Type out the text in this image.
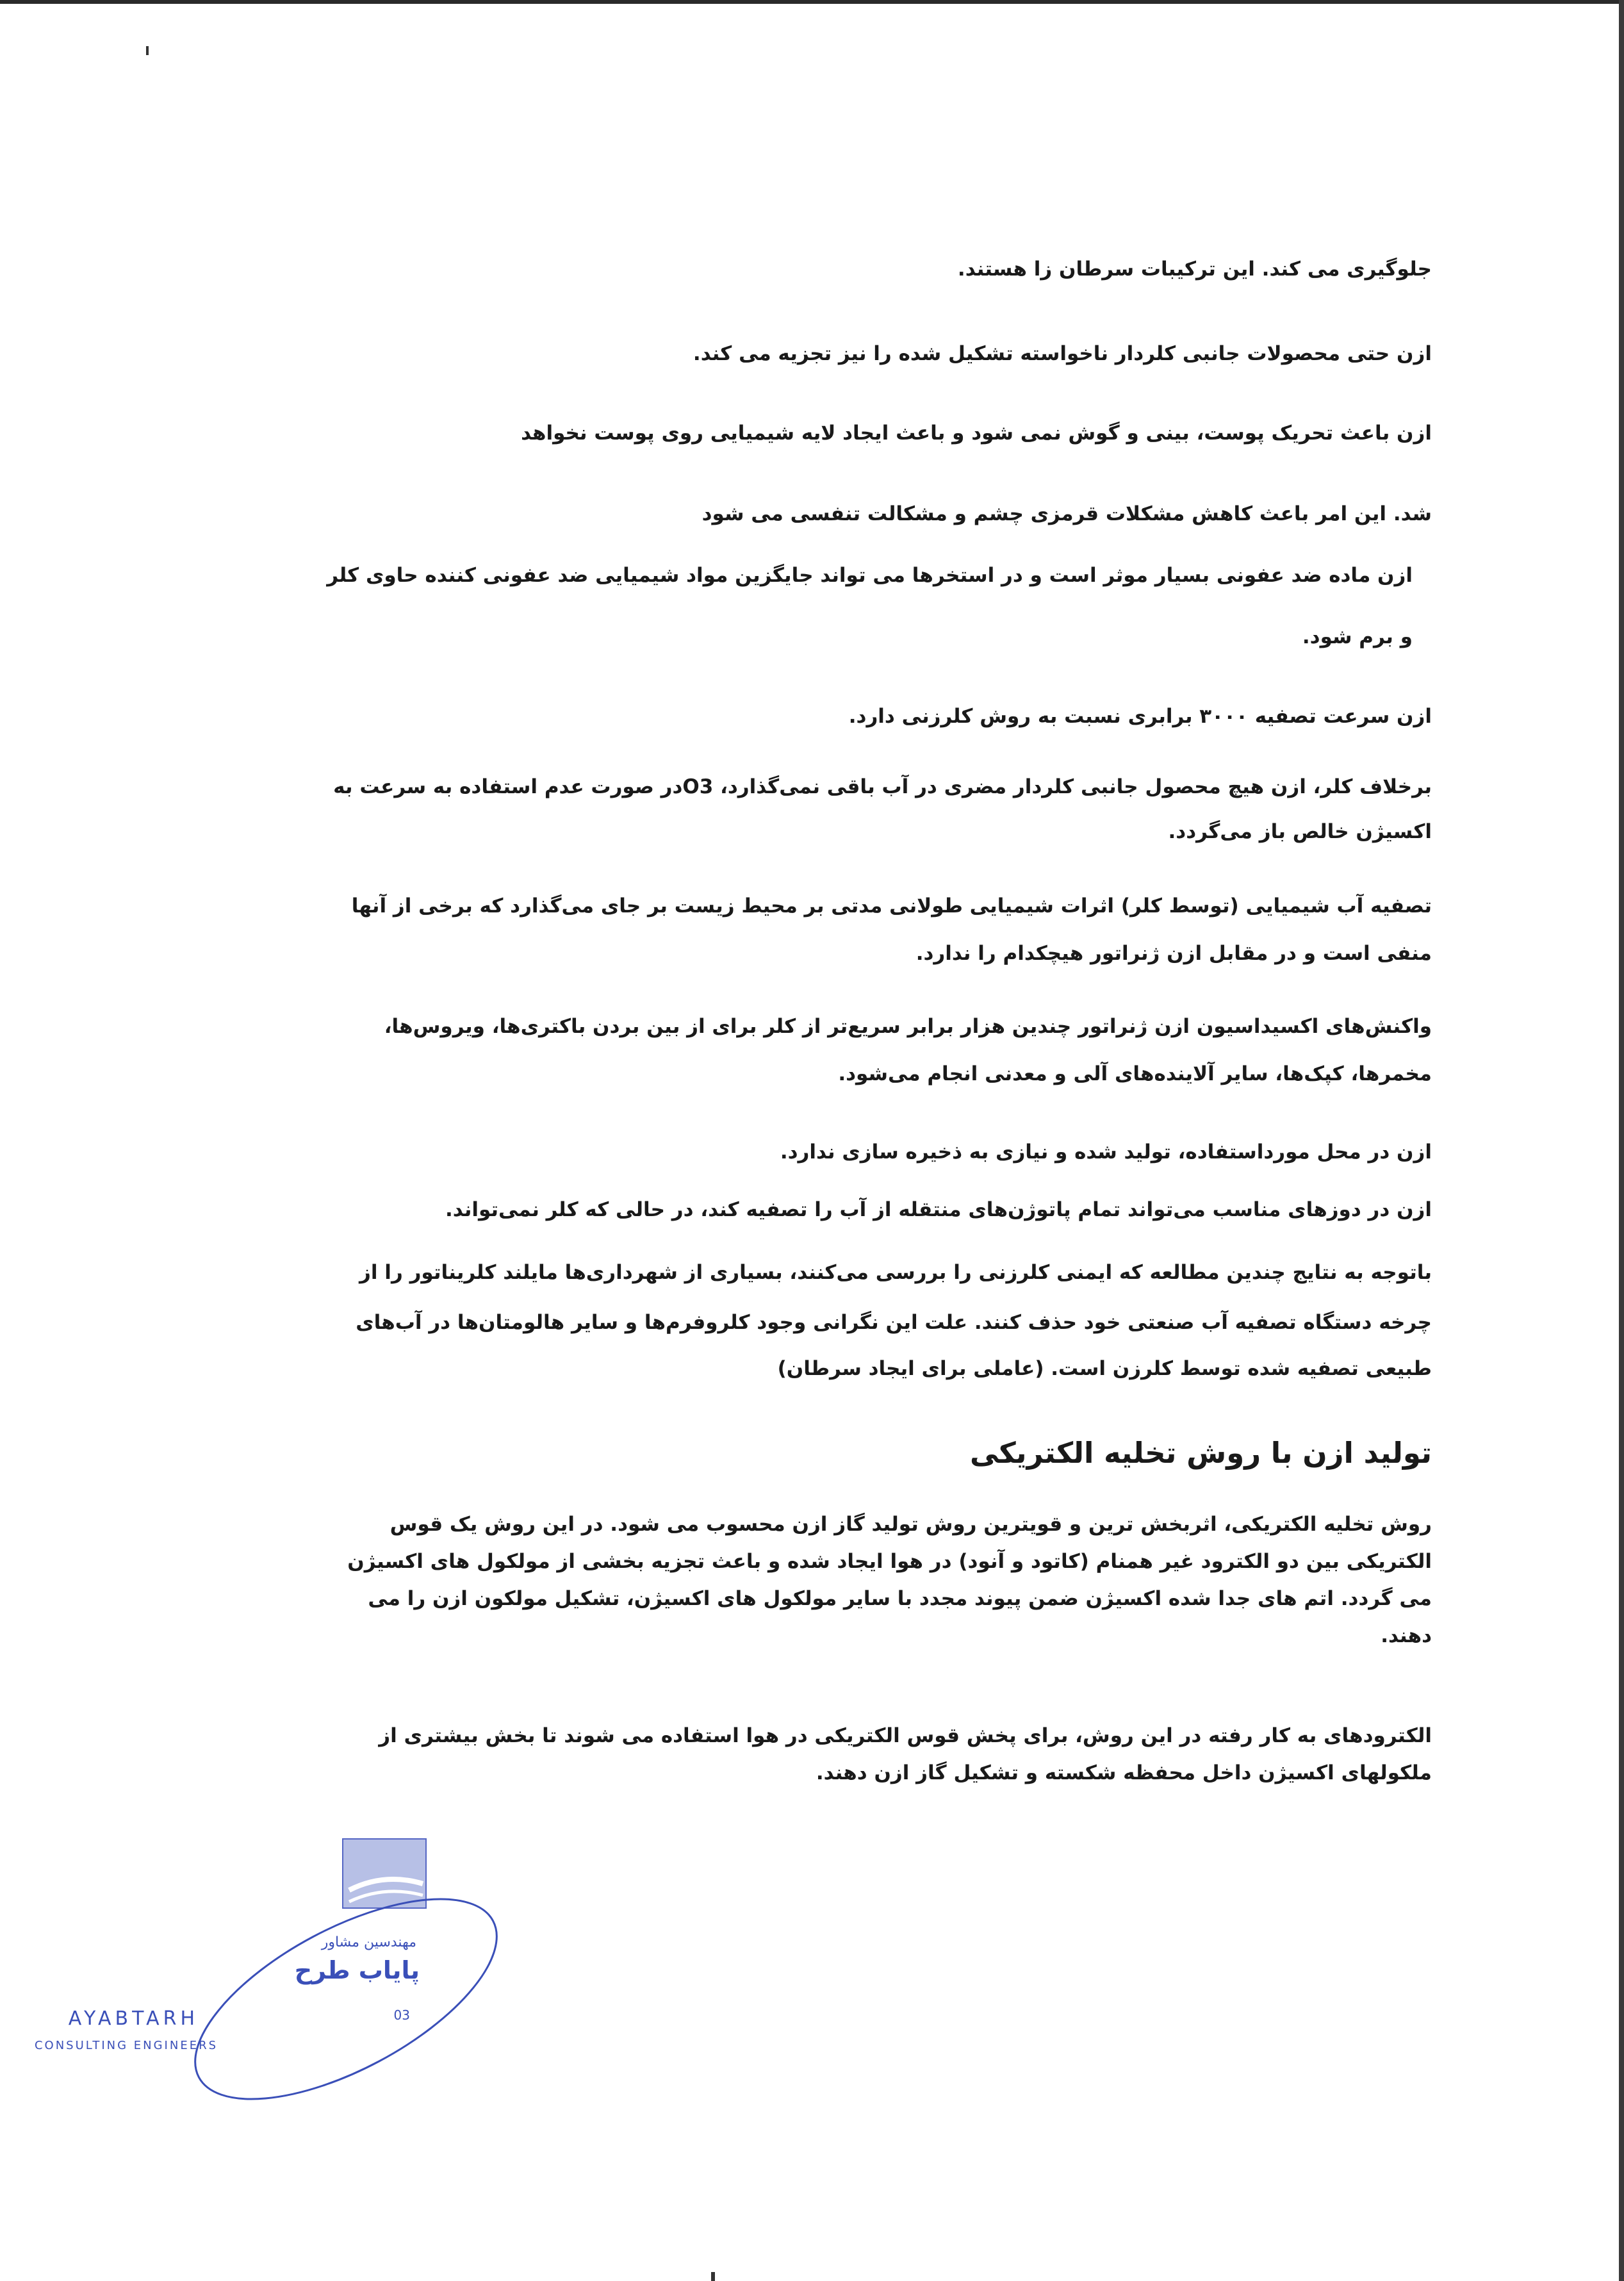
جلوگیری می کند. این ترکیبات سرطان زا هستند.
ازن حتی محصولات جانبی کلردار ناخواسته تشکیل شده را نیز تجزیه می کند.
ازن باعث تحریک پوست، بینی و گوش نمی شود و باعث ایجاد لایه شیمیایی روی پوست نخواهد
شد. این امر باعث کاهش مشکلات قرمزی چشم و مشکالت تنفسی می شود
ازن ماده ضد عفونی بسیار موثر است و در استخرها می تواند جایگزین مواد شیمیایی ضد عفونی کننده حاوی کلر
و برم شود.
ازن سرعت تصفیه ۳۰۰۰ برابری نسبت به روش کلرزنی دارد.
برخلاف کلر، ازن هیچ محصول جانبی کلردار مضری در آب باقی نمی‌گذارد، O3در صورت عدم استفاده به سرعت به
اکسیژن خالص باز می‌گردد.
تصفیه آب شیمیایی (توسط کلر) اثرات شیمیایی طولانی مدتی بر محیط زیست بر جای می‌گذارد که برخی از آنها
منفی است و در مقابل ازن ژنراتور هیچکدام را ندارد.
واکنش‌های اکسیداسیون ازن ژنراتور چندین هزار برابر سریع‌تر از کلر برای از بین بردن باکتری‌ها، ویروس‌ها،
مخمرها، کپک‌ها، سایر آلاینده‌های آلی و معدنی انجام می‌شود.
ازن در محل مورداستفاده، تولید شده و نیازی به ذخیره سازی ندارد.
ازن در دوزهای مناسب می‌تواند تمام پاتوژن‌های منتقله از آب را تصفیه کند، در حالی که کلر نمی‌تواند.
باتوجه به نتایج چندین مطالعه که ایمنی کلرزنی را بررسی می‌کنند، بسیاری از شهرداری‌ها مایلند کلریناتور را از
چرخه دستگاه تصفیه آب صنعتی خود حذف کنند. علت این نگرانی وجود کلروفرم‌ها و سایر هالومتان‌ها در آب‌های
طبیعی تصفیه شده توسط کلرزن است. (عاملی برای ایجاد سرطان)
تولید ازن با روش تخلیه الکتریکی
روش تخلیه الکتریکی، اثربخش ترین و قویترین روش تولید گاز ازن محسوب می شود. در این روش یک قوس
الکتریکی بین دو الکترود غیر همنام (کاتود و آنود) در هوا ایجاد شده و باعث تجزیه بخشی از مولکول های اکسیژن
می گردد. اتم های جدا شده اکسیژن ضمن پیوند مجدد با سایر مولکول های اکسیژن، تشکیل مولکون ازن را می
دهند.
الکترودهای به کار رفته در این روش، برای پخش قوس الکتریکی در هوا استفاده می شوند تا بخش بیشتری از
ملکولهای اکسیژن داخل محفظه شکسته و تشکیل گاز ازن دهند.
مهندسین مشاور
پایاب طرح
AYABTARH	03
CONSULTING ENGINEERS
